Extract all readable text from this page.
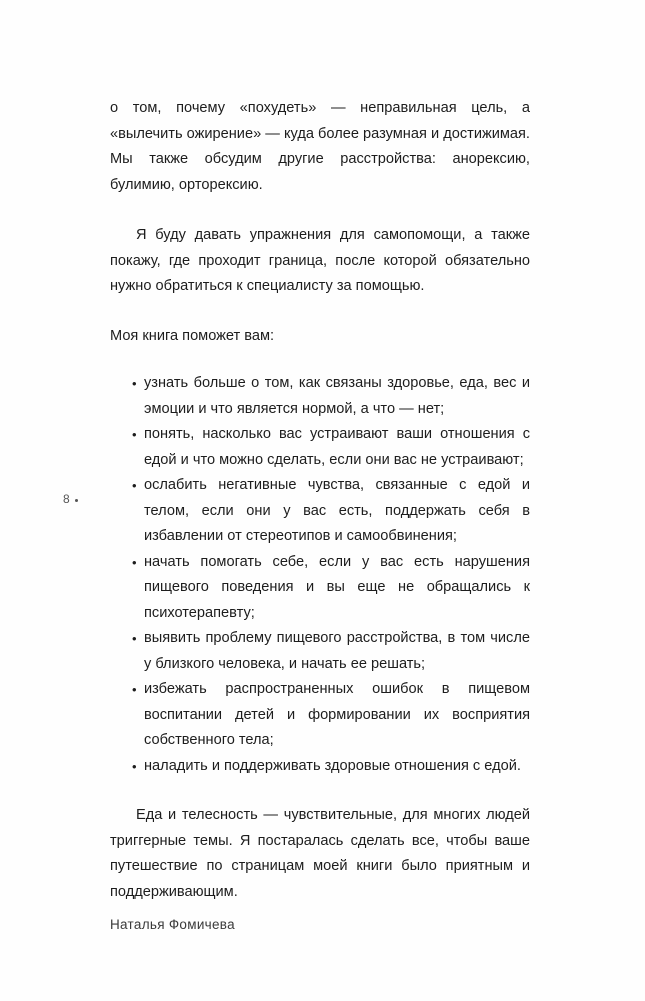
8

о том, почему «похудеть» — неправильная цель, а «вылечить ожирение» — куда более разумная и достижимая. Мы также обсудим другие расстройства: анорексию, булимию, орторексию.

Я буду давать упражнения для самопомощи, а также покажу, где проходит граница, после которой обязательно нужно обратиться к специалисту за помощью.

Моя книга поможет вам:

• узнать больше о том, как связаны здоровье, еда, вес и эмоции и что является нормой, а что — нет;
• понять, насколько вас устраивают ваши отношения с едой и что можно сделать, если они вас не устраивают;
• ослабить негативные чувства, связанные с едой и телом, если они у вас есть, поддержать себя в избавлении от стереотипов и самообвинения;
• начать помогать себе, если у вас есть нарушения пищевого поведения и вы еще не обращались к психотерапевту;
• выявить проблему пищевого расстройства, в том числе у близкого человека, и начать ее решать;
• избежать распространенных ошибок в пищевом воспитании детей и формировании их восприятия собственного тела;
• наладить и поддерживать здоровые отношения с едой.

Еда и телесность — чувствительные, для многих людей триггерные темы. Я постаралась сделать все, чтобы ваше путешествие по страницам моей книги было приятным и поддерживающим.

Наталья Фомичева
